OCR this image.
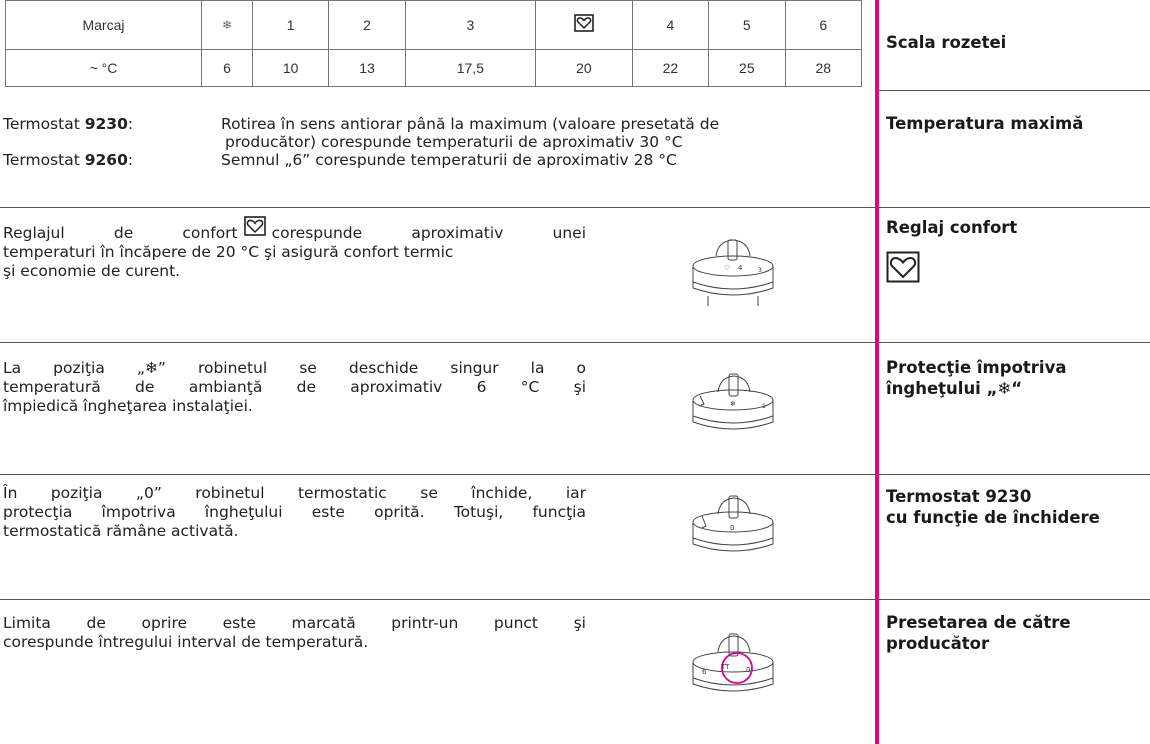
Marcaj	❄	1	2	3		4	5	6
~ °C	6	10	13	17,5	20	22	25	28
Termostat 9230:	Rotirea în sens antiorar până la maximum (valoare presetată de
producător) corespunde temperaturii de aproximativ 30 °C
Termostat 9260:	Semnul „6” corespunde temperaturii de aproximativ 28 °C
Reglajul de confort corespunde aproximativ unei
temperaturi în încăpere de 20 °C şi asigură confort termic
şi economie de curent.	♡ 4	3
La poziţia „❄” robinetul se deschide singur la o
temperatură de ambianţă de aproximativ 6 °C şi
împiedică îngheţarea instalaţiei.	❄	1
În poziţia „0” robinetul termostatic se închide, iar
protecţia împotriva îngheţului este oprită. Totuşi, funcţia
termostatică rămâne activată.	0
Limita de oprire este marcată printr-un punct şi
corespunde întregului interval de temperatură.
6
TT 0
Scala rozetei
Temperatura maximă
Reglaj confort
Protecţie împotriva
îngheţului „❄“
Termostat 9230
cu funcţie de închidere
Presetarea de către
producător
